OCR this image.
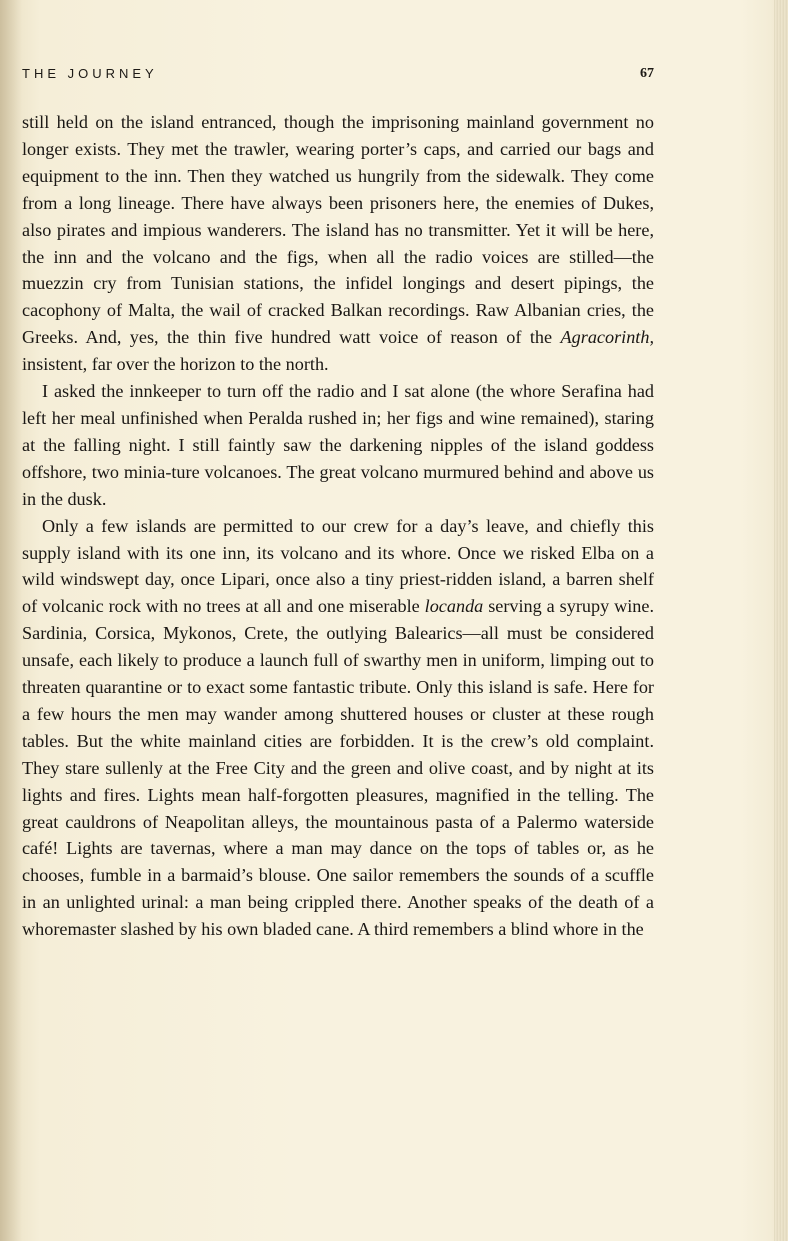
THE JOURNEY	67

still held on the island entranced, though the imprisoning mainland government no longer exists. They met the trawler, wearing porter’s caps, and carried our bags and equipment to the inn. Then they watched us hungrily from the sidewalk. They come from a long lineage. There have always been prisoners here, the enemies of Dukes, also pirates and impious wanderers. The island has no transmitter. Yet it will be here, the inn and the volcano and the figs, when all the radio voices are stilled—the muezzin cry from Tunisian stations, the infidel longings and desert pipings, the cacophony of Malta, the wail of cracked Balkan recordings. Raw Albanian cries, the Greeks. And, yes, the thin five hundred watt voice of reason of the Agracorinth, insistent, far over the horizon to the north.

I asked the innkeeper to turn off the radio and I sat alone (the whore Serafina had left her meal unfinished when Peralda rushed in; her figs and wine remained), staring at the falling night. I still faintly saw the darkening nipples of the island goddess offshore, two minia-ture volcanoes. The great volcano murmured behind and above us in the dusk.

Only a few islands are permitted to our crew for a day’s leave, and chiefly this supply island with its one inn, its volcano and its whore. Once we risked Elba on a wild windswept day, once Lipari, once also a tiny priest-ridden island, a barren shelf of volcanic rock with no trees at all and one miserable locanda serving a syrupy wine. Sardinia, Corsica, Mykonos, Crete, the outlying Balearics—all must be considered unsafe, each likely to produce a launch full of swarthy men in uniform, limping out to threaten quarantine or to exact some fantastic tribute. Only this island is safe. Here for a few hours the men may wander among shuttered houses or cluster at these rough tables. But the white mainland cities are forbidden. It is the crew’s old complaint. They stare sullenly at the Free City and the green and olive coast, and by night at its lights and fires. Lights mean half-forgotten pleasures, magnified in the telling. The great cauldrons of Neapolitan alleys, the mountainous pasta of a Palermo waterside café! Lights are tavernas, where a man may dance on the tops of tables or, as he chooses, fumble in a barmaid’s blouse. One sailor remembers the sounds of a scuffle in an unlighted urinal: a man being crippled there. Another speaks of the death of a whoremaster slashed by his own bladed cane. A third remembers a blind whore in the
